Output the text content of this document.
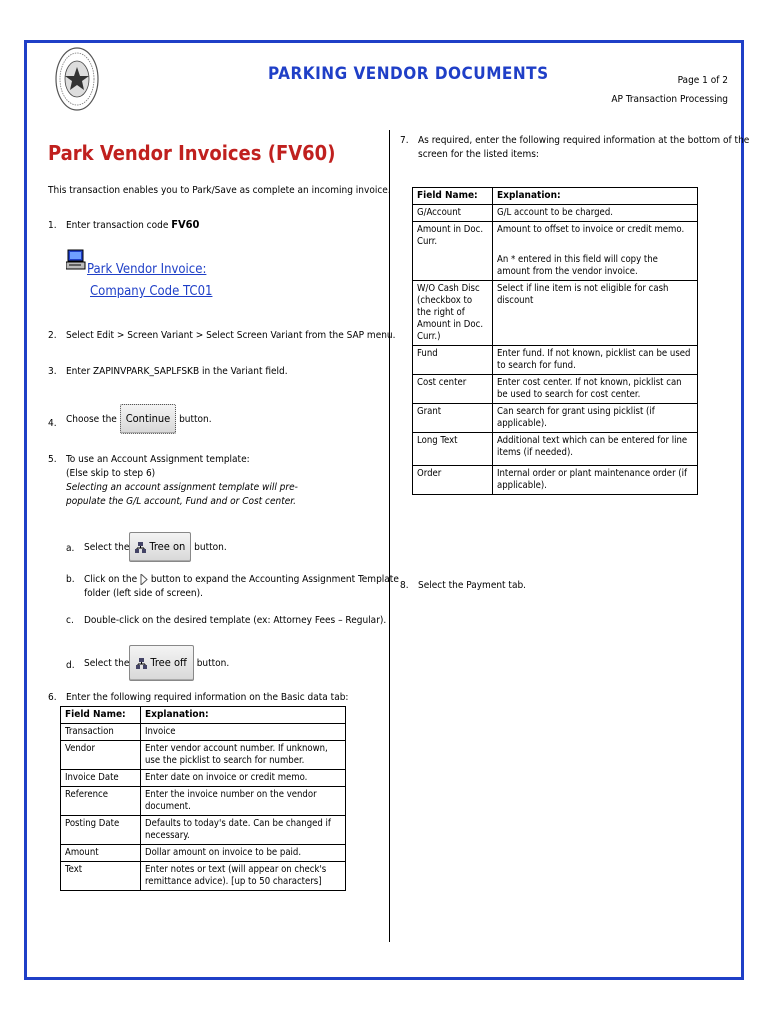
PARKING VENDOR DOCUMENTS	Page 1 of 2
AP Transaction Processing
Park Vendor Invoices (FV60)
This transaction enables you to Park/Save as complete an incoming invoice.
1. Enter transaction code FV60
Park Vendor Invoice:
Company Code TC01
2. Select Edit > Screen Variant > Select Screen Variant from the SAP menu.
3. Enter ZAPINVPARK_SAPLFSKB in the Variant field.
4. Choose the Continue button.
5. To use an Account Assignment template:
(Else skip to step 6)
Selecting an account assignment template will pre-
populate the G/L account, Fund and or Cost center.
a. Select the Tree on button.
b. Click on the button to expand the Accounting Assignment Template
folder (left side of screen).
c. Double-click on the desired template (ex: Attorney Fees – Regular).
d. Select the Tree off button.
6. Enter the following required information on the Basic data tab:
Field Name:	Explanation:
Transaction	Invoice
Vendor	Enter vendor account number. If unknown, use the picklist to search for number.
Invoice Date	Enter date on invoice or credit memo.
Reference	Enter the invoice number on the vendor document.
Posting Date	Defaults to today's date. Can be changed if necessary.
Amount	Dollar amount on invoice to be paid.
Text	Enter notes or text (will appear on check's remittance advice). [up to 50 characters]
7. As required, enter the following required information at the bottom of the
screen for the listed items:
Field Name:	Explanation:
G/Account	G/L account to be charged.
Amount in Doc. Curr.	Amount to offset to invoice or credit memo.
An * entered in this field will copy the amount from the vendor invoice.

W/O Cash Disc (checkbox to the right of Amount in Doc. Curr.)	Select if line item is not eligible for cash discount
Fund	Enter fund. If not known, picklist can be used to search for fund.
Cost center	Enter cost center. If not known, picklist can be used to search for cost center.
Grant	Can search for grant using picklist (if applicable).
Long Text	Additional text which can be entered for line items (if needed).
Order	Internal order or plant maintenance order (if applicable).
8. Select the Payment tab.
